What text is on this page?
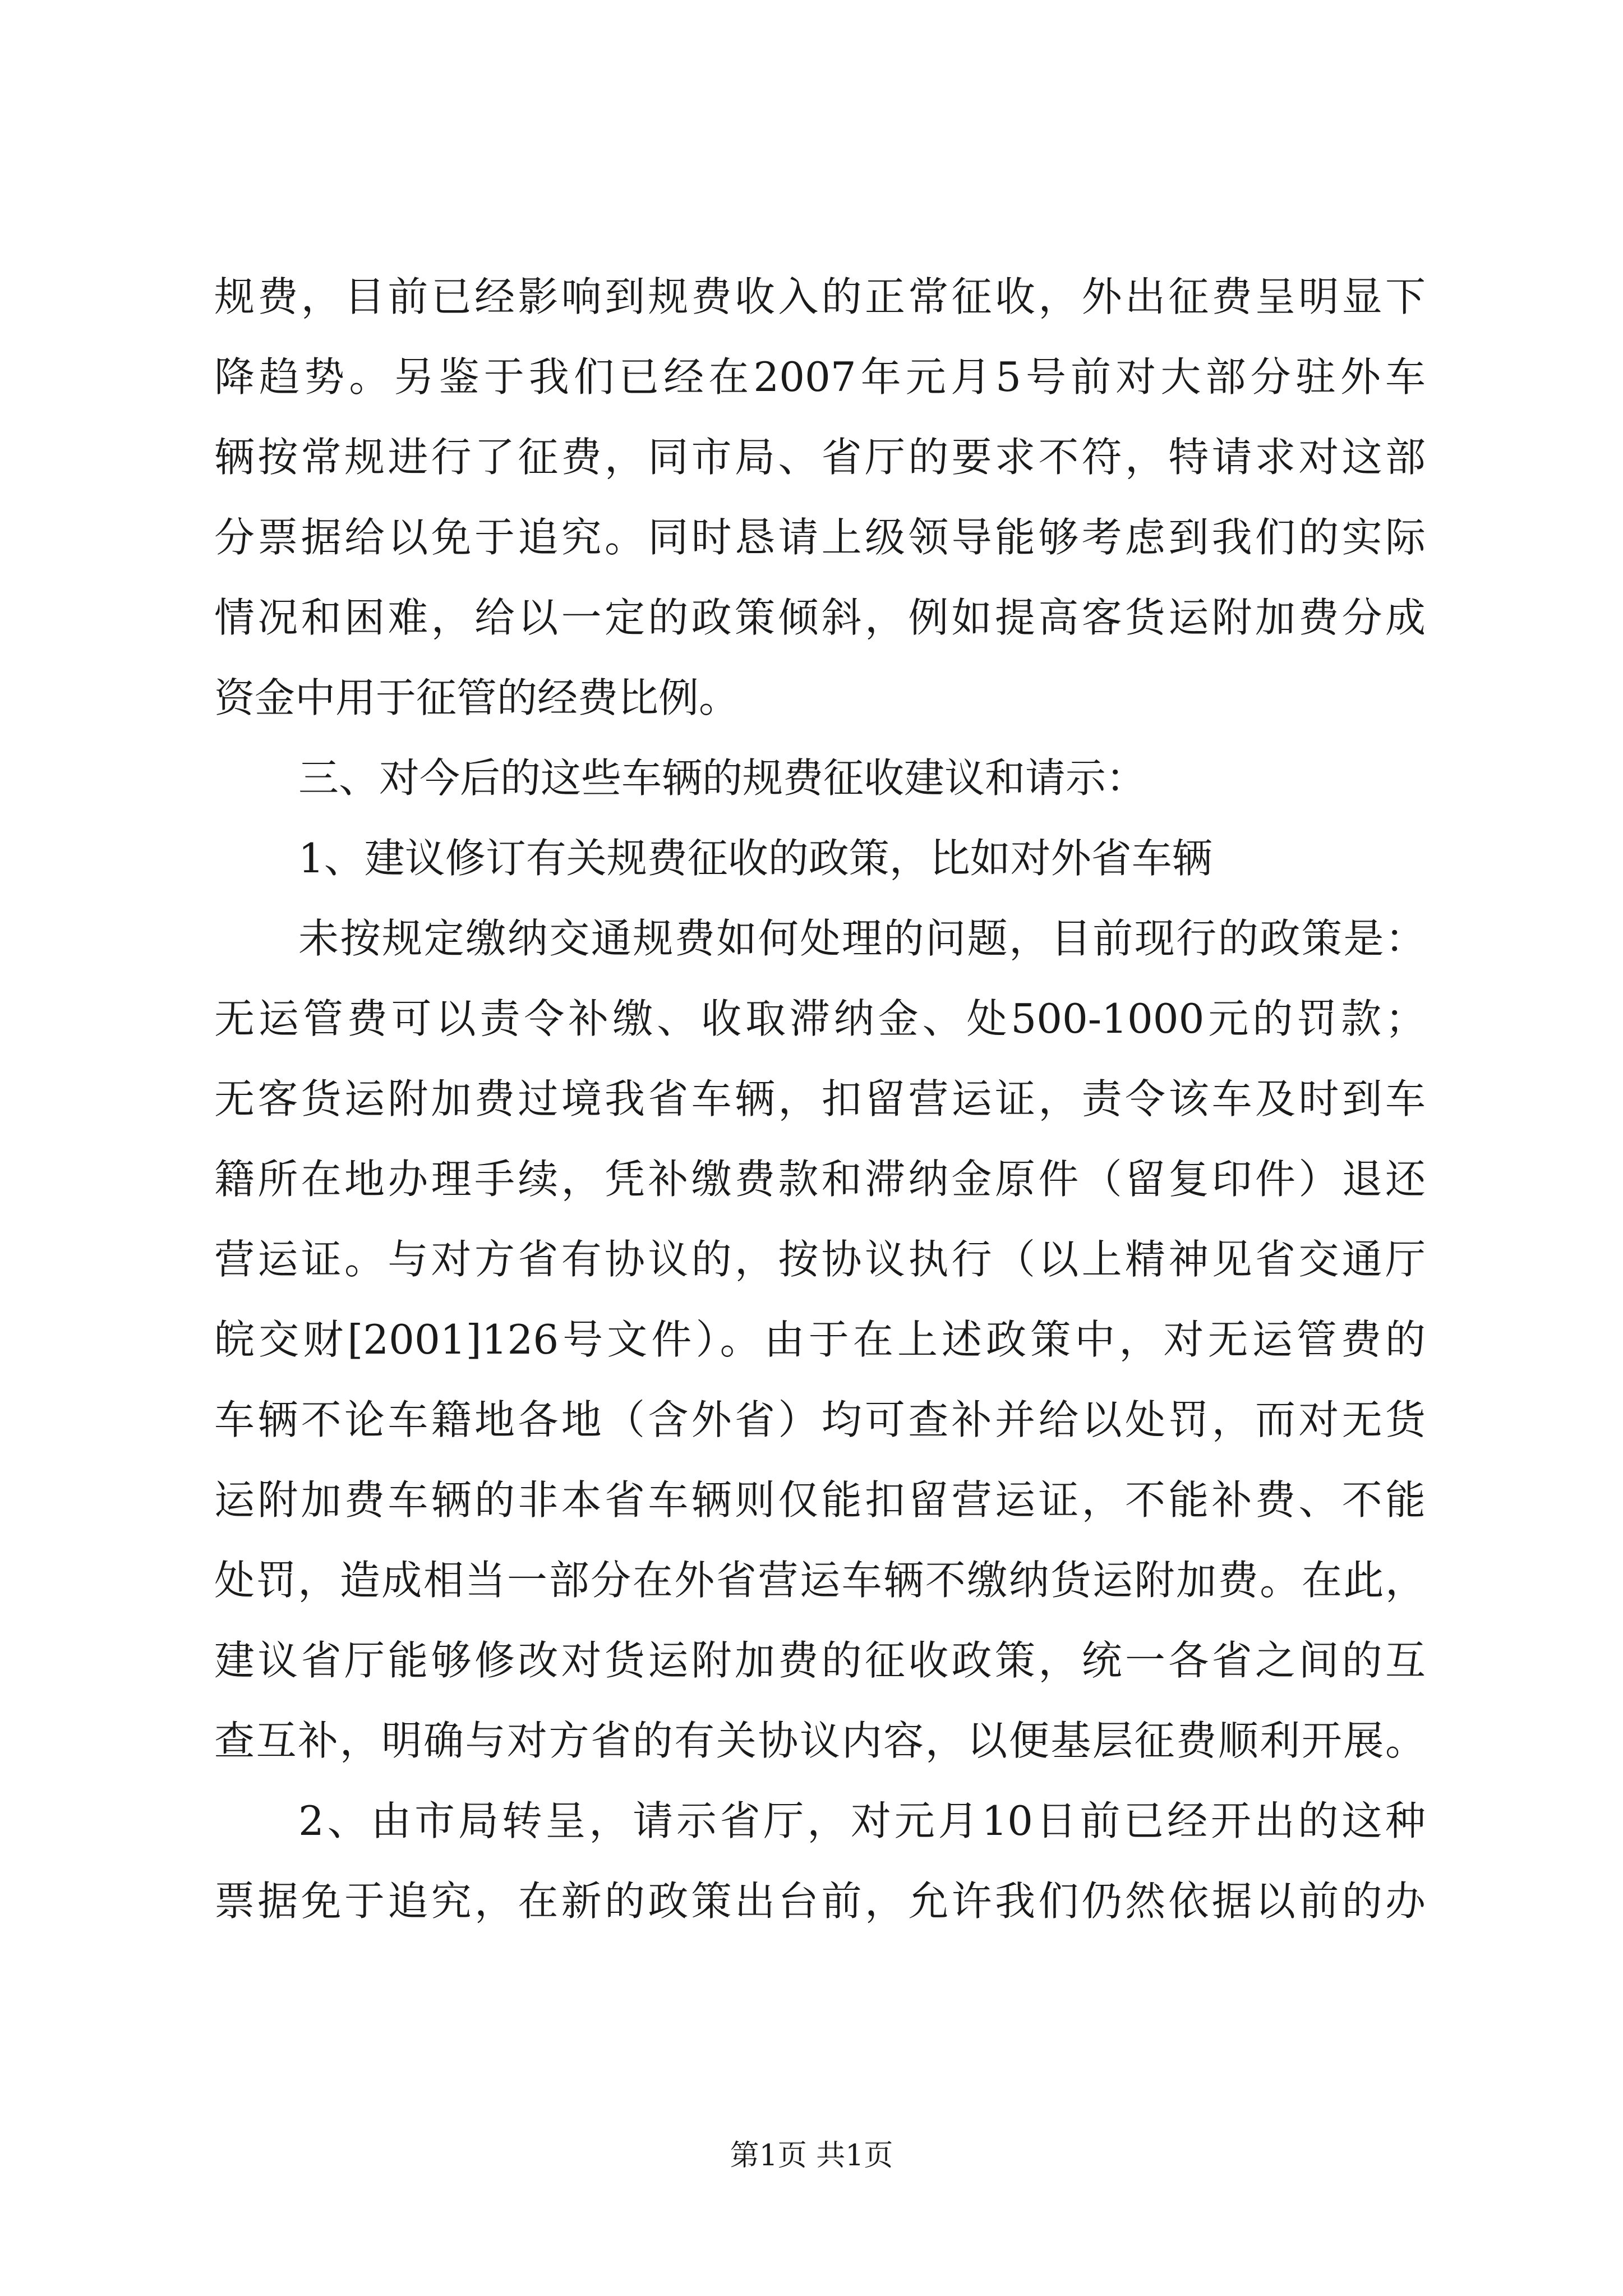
规费，目前已经影响到规费收入的正常征收，外出征费呈明显下
降趋势。另鉴于我们已经在2007年元月5号前对大部分驻外车
辆按常规进行了征费，同市局、省厅的要求不符，特请求对这部
分票据给以免于追究。同时恳请上级领导能够考虑到我们的实际
情况和困难，给以一定的政策倾斜，例如提高客货运附加费分成
资金中用于征管的经费比例。
三、对今后的这些车辆的规费征收建议和请示：
1、建议修订有关规费征收的政策，比如对外省车辆
未按规定缴纳交通规费如何处理的问题，目前现行的政策是：
无运管费可以责令补缴、收取滞纳金、处500-1000元的罚款；
无客货运附加费过境我省车辆，扣留营运证，责令该车及时到车
籍所在地办理手续，凭补缴费款和滞纳金原件（留复印件）退还
营运证。与对方省有协议的，按协议执行（以上精神见省交通厅
皖交财[2001]126号文件）。由于在上述政策中，对无运管费的
车辆不论车籍地各地（含外省）均可查补并给以处罚，而对无货
运附加费车辆的非本省车辆则仅能扣留营运证，不能补费、不能
处罚，造成相当一部分在外省营运车辆不缴纳货运附加费。在此，
建议省厅能够修改对货运附加费的征收政策，统一各省之间的互
查互补，明确与对方省的有关协议内容，以便基层征费顺利开展。
2、由市局转呈，请示省厅，对元月10日前已经开出的这种
票据免于追究，在新的政策出台前，允许我们仍然依据以前的办
第1页 共1页
